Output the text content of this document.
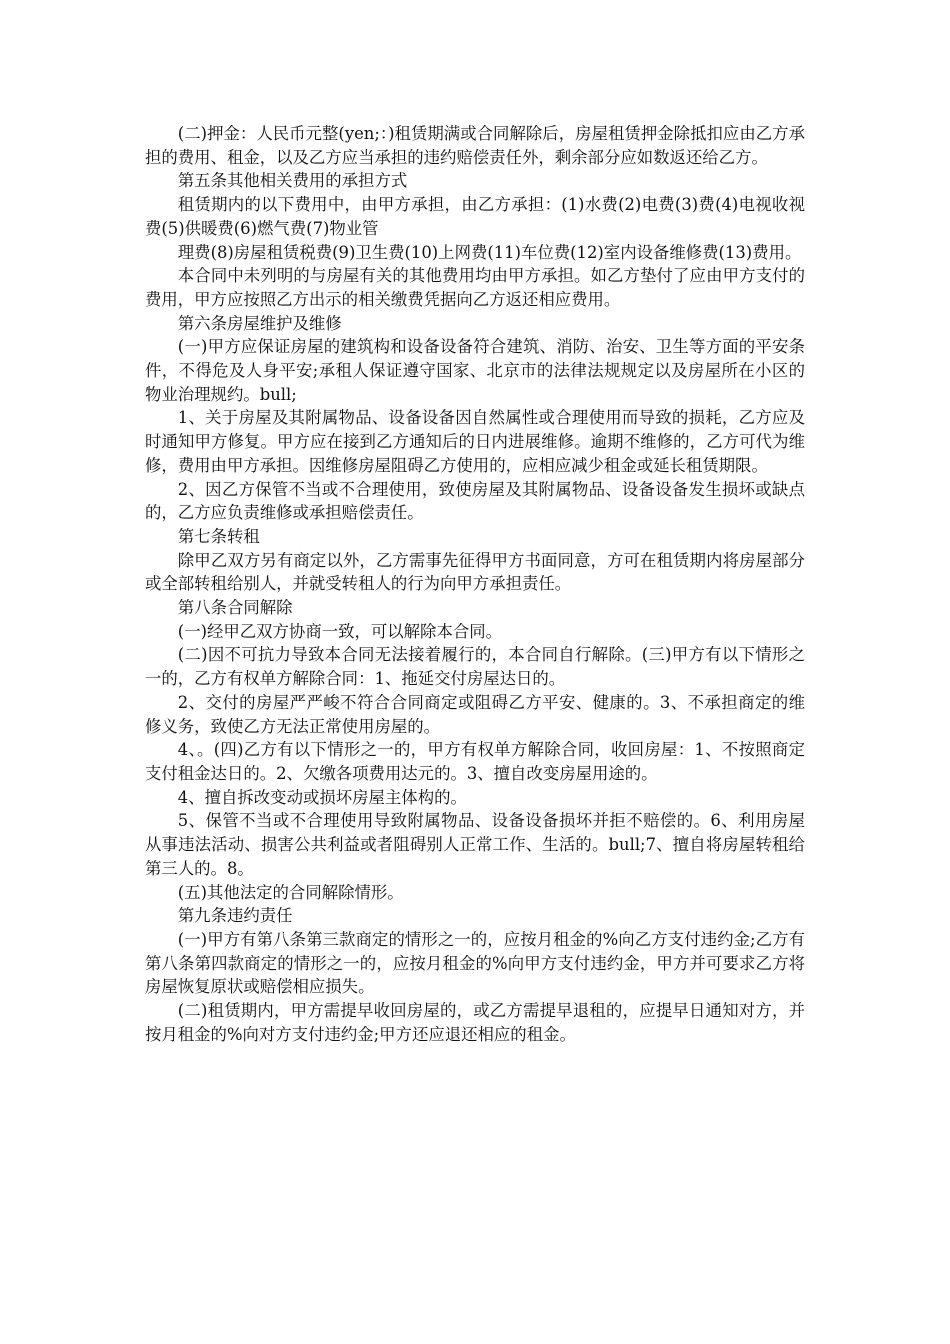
(二)押金：人民币元整(yen;：)租赁期满或合同解除后，房屋租赁押金除抵扣应由乙方承担的费用、租金，以及乙方应当承担的违约赔偿责任外，剩余部分应如数返还给乙方。

第五条其他相关费用的承担方式

租赁期内的以下费用中，由甲方承担，由乙方承担：(1)水费(2)电费(3)费(4)电视收视费(5)供暖费(6)燃气费(7)物业管

理费(8)房屋租赁税费(9)卫生费(10)上网费(11)车位费(12)室内设备维修费(13)费用。

本合同中未列明的与房屋有关的其他费用均由甲方承担。如乙方垫付了应由甲方支付的费用，甲方应按照乙方出示的相关缴费凭据向乙方返还相应费用。

第六条房屋维护及维修

(一)甲方应保证房屋的建筑构和设备设备符合建筑、消防、治安、卫生等方面的平安条件，不得危及人身平安;承租人保证遵守国家、北京市的法律法规规定以及房屋所在小区的物业治理规约。bull;

1、关于房屋及其附属物品、设备设备因自然属性或合理使用而导致的损耗，乙方应及时通知甲方修复。甲方应在接到乙方通知后的日内进展维修。逾期不维修的，乙方可代为维修，费用由甲方承担。因维修房屋阻碍乙方使用的，应相应减少租金或延长租赁期限。

2、因乙方保管不当或不合理使用，致使房屋及其附属物品、设备设备发生损坏或缺点的，乙方应负责维修或承担赔偿责任。

第七条转租

除甲乙双方另有商定以外，乙方需事先征得甲方书面同意，方可在租赁期内将房屋部分或全部转租给别人，并就受转租人的行为向甲方承担责任。

第八条合同解除

(一)经甲乙双方协商一致，可以解除本合同。

(二)因不可抗力导致本合同无法接着履行的，本合同自行解除。(三)甲方有以下情形之一的，乙方有权单方解除合同：1、拖延交付房屋达日的。

2、交付的房屋严严峻不符合合同商定或阻碍乙方平安、健康的。3、不承担商定的维修义务，致使乙方无法正常使用房屋的。

4、。(四)乙方有以下情形之一的，甲方有权单方解除合同，收回房屋：1、不按照商定支付租金达日的。2、欠缴各项费用达元的。3、擅自改变房屋用途的。

4、擅自拆改变动或损坏房屋主体构的。

5、保管不当或不合理使用导致附属物品、设备设备损坏并拒不赔偿的。6、利用房屋从事违法活动、损害公共利益或者阻碍别人正常工作、生活的。bull;7、擅自将房屋转租给第三人的。8。

(五)其他法定的合同解除情形。

第九条违约责任

(一)甲方有第八条第三款商定的情形之一的，应按月租金的%向乙方支付违约金;乙方有第八条第四款商定的情形之一的，应按月租金的%向甲方支付违约金，甲方并可要求乙方将房屋恢复原状或赔偿相应损失。

(二)租赁期内，甲方需提早收回房屋的，或乙方需提早退租的，应提早日通知对方，并按月租金的%向对方支付违约金;甲方还应退还相应的租金。
